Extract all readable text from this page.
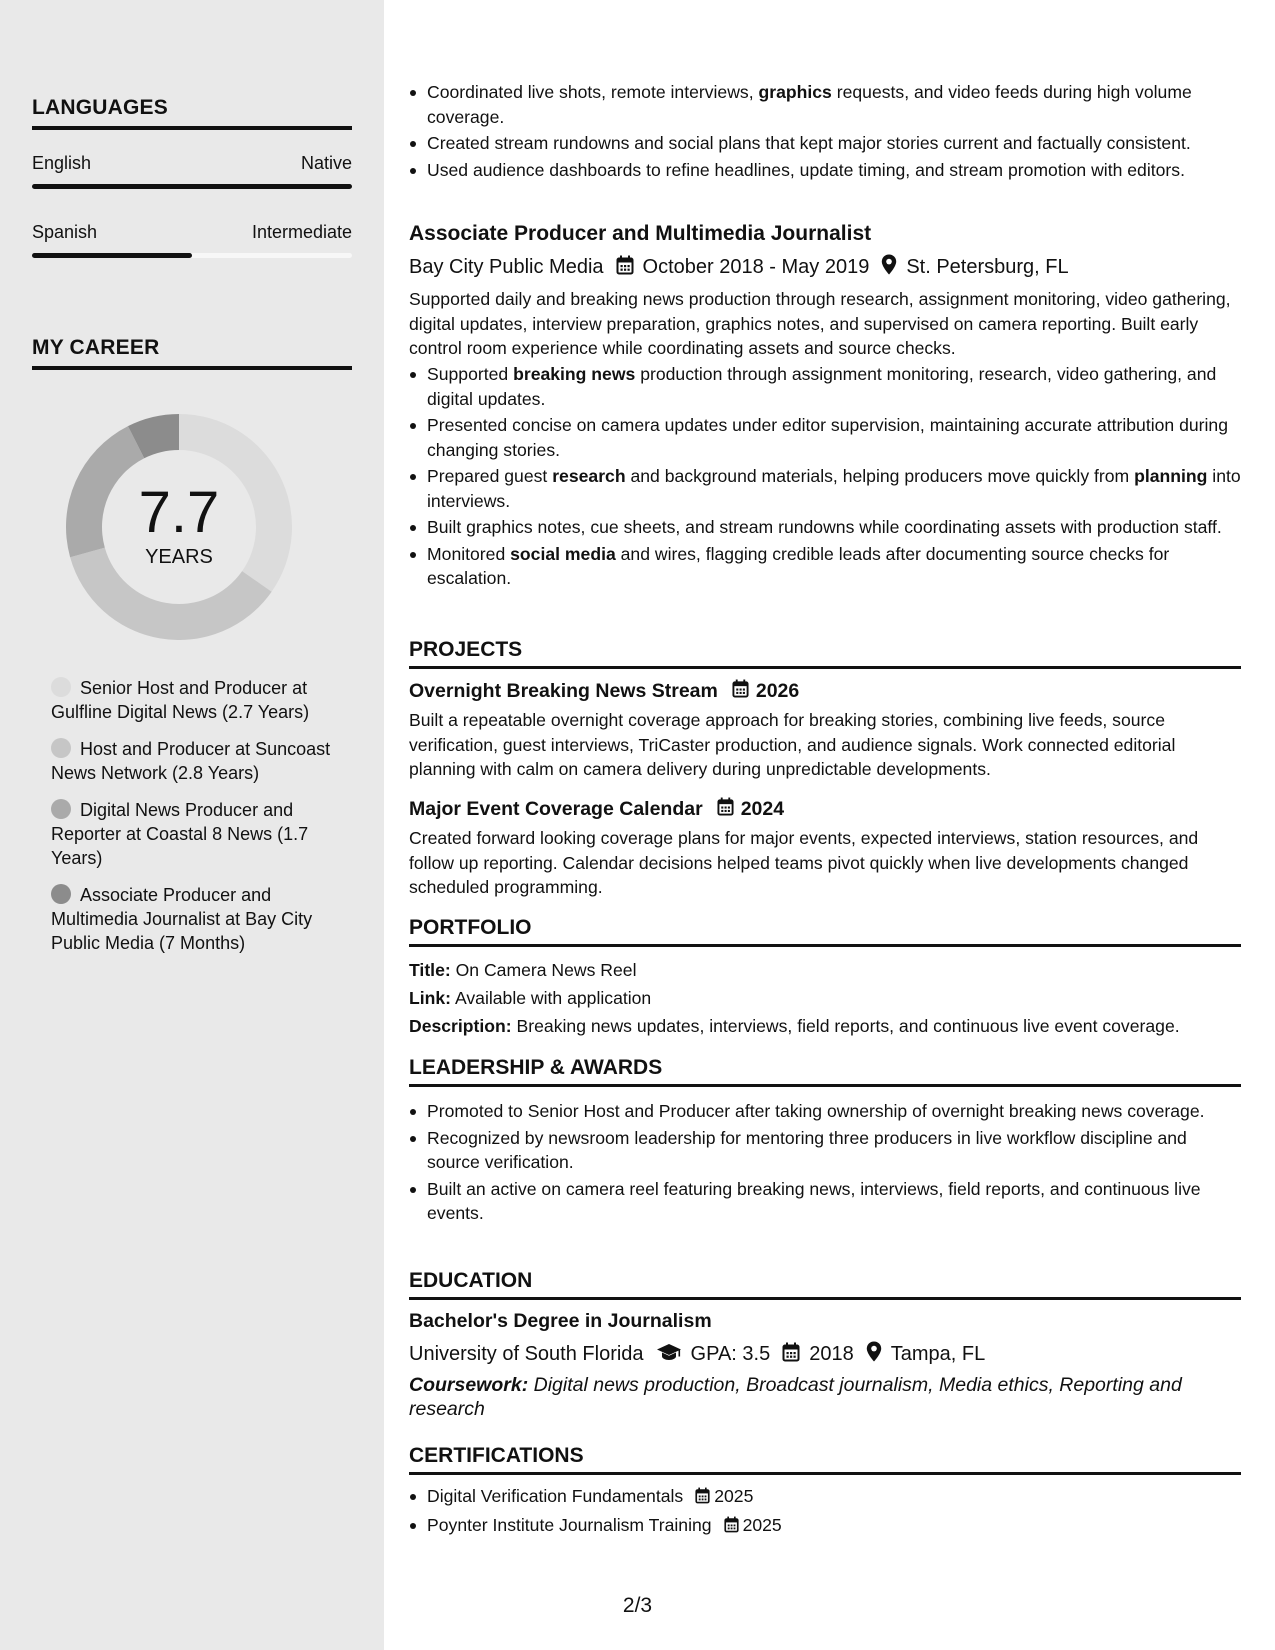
LANGUAGES
English	Native
Spanish	Intermediate
MY CAREER
7.7
YEARS
Senior Host and Producer at Gulfline Digital News (2.7 Years)
Host and Producer at Suncoast News Network (2.8 Years)
Digital News Producer and Reporter at Coastal 8 News (1.7 Years)
Associate Producer and Multimedia Journalist at Bay City Public Media (7 Months)
Coordinated live shots, remote interviews, graphics requests, and video feeds during high volume coverage.
Created stream rundowns and social plans that kept major stories current and factually consistent.
Used audience dashboards to refine headlines, update timing, and stream promotion with editors.
Associate Producer and Multimedia Journalist
Bay City Public Media October 2018 - May 2019 St. Petersburg, FL
Supported daily and breaking news production through research, assignment monitoring, video gathering, digital updates, interview preparation, graphics notes, and supervised on camera reporting. Built early control room experience while coordinating assets and source checks.
Supported breaking news production through assignment monitoring, research, video gathering, and digital updates.
Presented concise on camera updates under editor supervision, maintaining accurate attribution during changing stories.
Prepared guest research and background materials, helping producers move quickly from planning into interviews.
Built graphics notes, cue sheets, and stream rundowns while coordinating assets with production staff.
Monitored social media and wires, flagging credible leads after documenting source checks for escalation.
PROJECTS
Overnight Breaking News Stream 2026
Built a repeatable overnight coverage approach for breaking stories, combining live feeds, source verification, guest interviews, TriCaster production, and audience signals. Work connected editorial planning with calm on camera delivery during unpredictable developments.
Major Event Coverage Calendar 2024
Created forward looking coverage plans for major events, expected interviews, station resources, and follow up reporting. Calendar decisions helped teams pivot quickly when live developments changed scheduled programming.
PORTFOLIO
Title: On Camera News Reel
Link: Available with application
Description: Breaking news updates, interviews, field reports, and continuous live event coverage.
LEADERSHIP & AWARDS
Promoted to Senior Host and Producer after taking ownership of overnight breaking news coverage.
Recognized by newsroom leadership for mentoring three producers in live workflow discipline and source verification.
Built an active on camera reel featuring breaking news, interviews, field reports, and continuous live events.
EDUCATION
Bachelor's Degree in Journalism
University of South Florida GPA: 3.5 2018 Tampa, FL
Coursework: Digital news production, Broadcast journalism, Media ethics, Reporting and research
CERTIFICATIONS
Digital Verification Fundamentals 2025
Poynter Institute Journalism Training 2025
2/3
